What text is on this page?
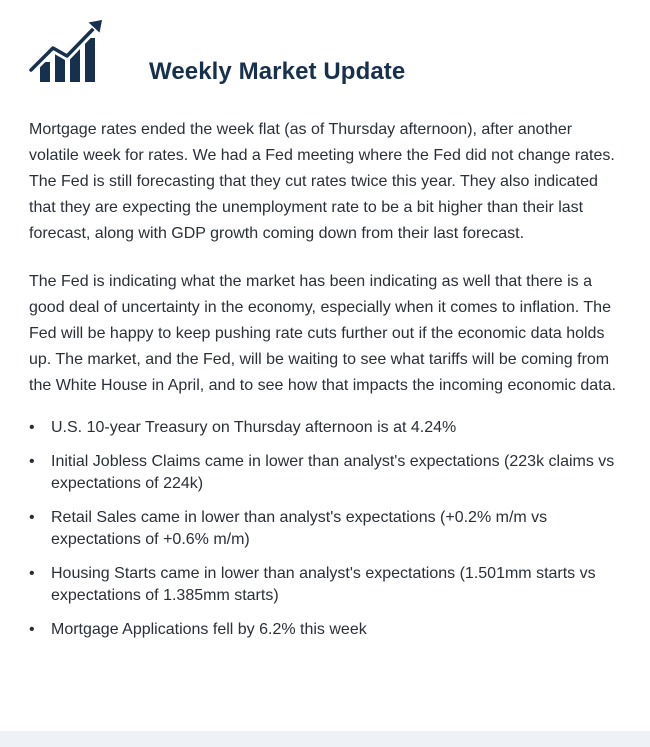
Weekly Market Update

Mortgage rates ended the week flat (as of Thursday afternoon), after another volatile week for rates. We had a Fed meeting where the Fed did not change rates. The Fed is still forecasting that they cut rates twice this year. They also indicated that they are expecting the unemployment rate to be a bit higher than their last forecast, along with GDP growth coming down from their last forecast.

The Fed is indicating what the market has been indicating as well that there is a good deal of uncertainty in the economy, especially when it comes to inflation. The Fed will be happy to keep pushing rate cuts further out if the economic data holds up. The market, and the Fed, will be waiting to see what tariffs will be coming from the White House in April, and to see how that impacts the incoming economic data.

• U.S. 10-year Treasury on Thursday afternoon is at 4.24%
• Initial Jobless Claims came in lower than analyst's expectations (223k claims vs expectations of 224k)
• Retail Sales came in lower than analyst's expectations (+0.2% m/m vs expectations of +0.6% m/m)
• Housing Starts came in lower than analyst's expectations (1.501mm starts vs expectations of 1.385mm starts)
• Mortgage Applications fell by 6.2% this week
